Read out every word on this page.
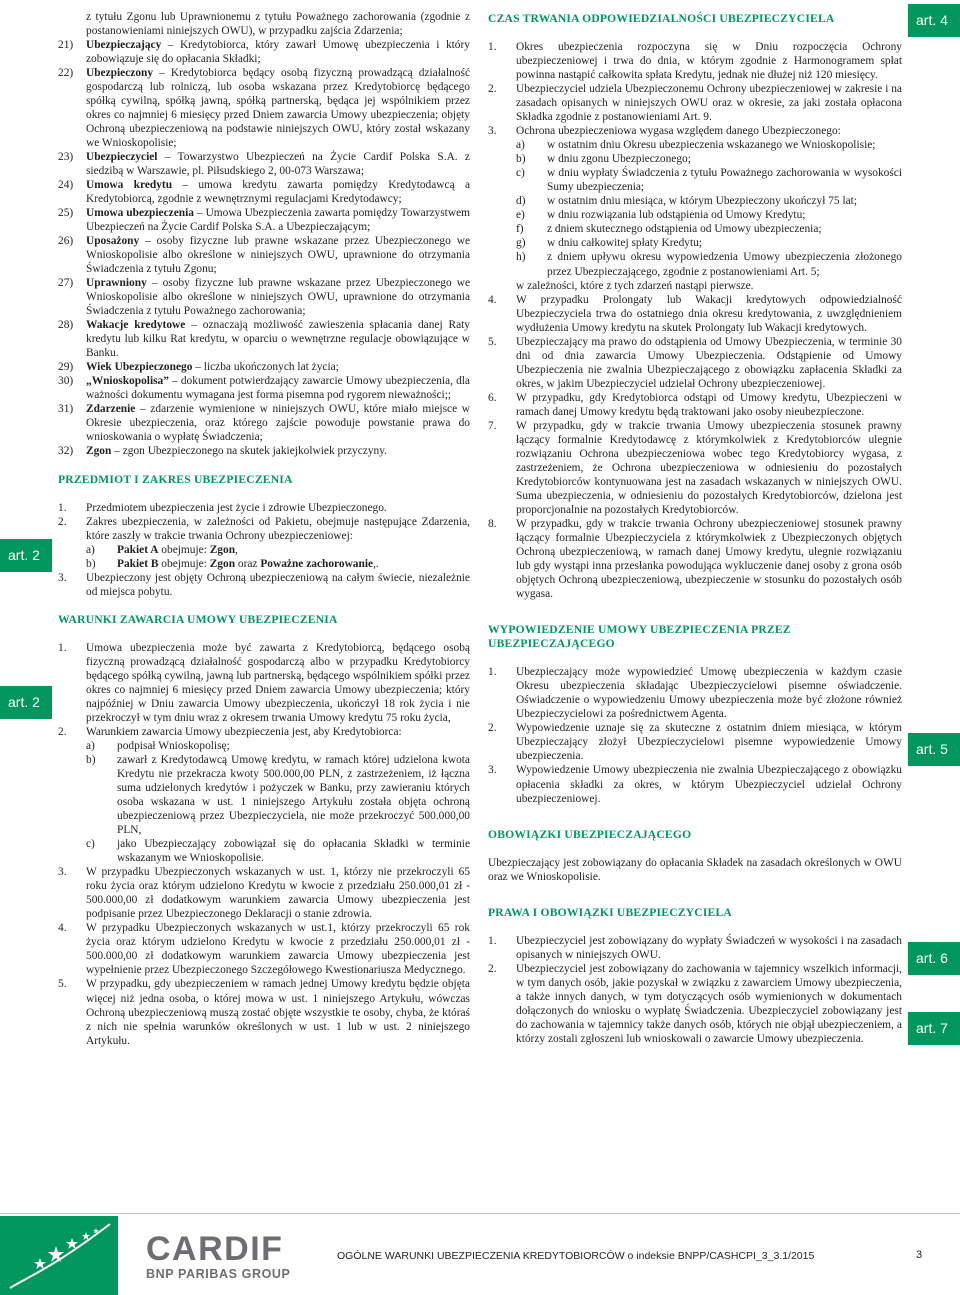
art. 2
art. 2
art. 4
art. 5
art. 6
art. 7
z tytułu Zgonu lub Uprawnionemu z tytułu Poważnego zachorowania (zgodnie z postanowieniami niniejszych OWU), w przypadku zajścia Zdarzenia;
21)	Ubezpieczający – Kredytobiorca, który zawarł Umowę ubezpieczenia i który zobowiązuje się do opłacania Składki;
22)	Ubezpieczony – Kredytobiorca będący osobą fizyczną prowadzącą działalność gospodarczą lub rolniczą, lub osoba wskazana przez Kredytobiorcę będącego spółką cywilną, spółką jawną, spółką partnerską, będąca jej wspólnikiem przez okres co najmniej 6 miesięcy przed Dniem zawarcia Umowy ubezpieczenia; objęty Ochroną ubezpieczeniową na podstawie niniejszych OWU, który został wskazany we Wnioskopolisie;
23)	Ubezpieczyciel – Towarzystwo Ubezpieczeń na Życie Cardif Polska S.A. z siedzibą w Warszawie, pl. Piłsudskiego 2, 00-073 Warszawa;
24)	Umowa kredytu – umowa kredytu zawarta pomiędzy Kredytodawcą a Kredytobiorcą, zgodnie z wewnętrznymi regulacjami Kredytodawcy;
25)	Umowa ubezpieczenia – Umowa Ubezpieczenia zawarta pomiędzy Towarzystwem Ubezpieczeń na Życie Cardif Polska S.A. a Ubezpieczającym;
26)	Uposażony – osoby fizyczne lub prawne wskazane przez Ubezpieczonego we Wnioskopolisie albo określone w niniejszych OWU, uprawnione do otrzymania Świadczenia z tytułu Zgonu;
27)	Uprawniony – osoby fizyczne lub prawne wskazane przez Ubezpieczonego we Wnioskopolisie albo określone w niniejszych OWU, uprawnione do otrzymania Świadczenia z tytułu Poważnego zachorowania;
28)	Wakacje kredytowe – oznaczają możliwość zawieszenia spłacania danej Raty kredytu lub kilku Rat kredytu, w oparciu o wewnętrzne regulacje obowiązujące w Banku.
29)	Wiek Ubezpieczonego – liczba ukończonych lat życia;
30)	„Wnioskopolisa” – dokument potwierdzający zawarcie Umowy ubezpieczenia, dla ważności dokumentu wymagana jest forma pisemna pod rygorem nieważności;;
31)	Zdarzenie – zdarzenie wymienione w niniejszych OWU, które miało miejsce w Okresie ubezpieczenia, oraz którego zajście powoduje powstanie prawa do wnioskowania o wypłatę Świadczenia;
32)	Zgon – zgon Ubezpieczonego na skutek jakiejkolwiek przyczyny.
PRZEDMIOT I ZAKRES UBEZPIECZENIA
1.	Przedmiotem ubezpieczenia jest życie i zdrowie Ubezpieczonego.
2.	Zakres ubezpieczenia, w zależności od Pakietu, obejmuje następujące Zdarzenia, które zaszły w trakcie trwania Ochrony ubezpieczeniowej:
a)	Pakiet A obejmuje: Zgon,
b)	Pakiet B obejmuje: Zgon oraz Poważne zachorowanie,.
3.	Ubezpieczony jest objęty Ochroną ubezpieczeniową na całym świecie, niezależnie od miejsca pobytu.
WARUNKI ZAWARCIA UMOWY UBEZPIECZENIA
1.	Umowa ubezpieczenia może być zawarta z Kredytobiorcą, będącego osobą fizyczną prowadzącą działalność gospodarczą albo w przypadku Kredytobiorcy będącego spółką cywilną, jawną lub partnerską, będącego wspólnikiem spółki przez okres co najmniej 6 miesięcy przed Dniem zawarcia Umowy ubezpieczenia; który najpóźniej w Dniu zawarcia Umowy ubezpieczenia, ukończył 18 rok życia i nie przekroczył w tym dniu wraz z okresem trwania Umowy kredytu 75 roku życia,
2.	Warunkiem zawarcia Umowy ubezpieczenia jest, aby Kredytobiorca:
a)	podpisał Wnioskopolisę;
b)	zawarł z Kredytodawcą Umowę kredytu, w ramach której udzielona kwota Kredytu nie przekracza kwoty 500.000,00 PLN, z zastrzeżeniem, iż łączna suma udzielonych kredytów i pożyczek w Banku, przy zawieraniu których osoba wskazana w ust. 1 niniejszego Artykułu została objęta ochroną ubezpieczeniową przez Ubezpieczyciela, nie może przekroczyć 500.000,00 PLN,
c)	jako Ubezpieczający zobowiązał się do opłacania Składki w terminie wskazanym we Wnioskopolisie.
3.	W przypadku Ubezpieczonych wskazanych w ust. 1, którzy nie przekroczyli 65 roku życia oraz którym udzielono Kredytu w kwocie z przedziału 250.000,01 zł - 500.000,00 zł dodatkowym warunkiem zawarcia Umowy ubezpieczenia jest podpisanie przez Ubezpieczonego Deklaracji o stanie zdrowia.
4.	W przypadku Ubezpieczonych wskazanych w ust.1, którzy przekroczyli 65 rok życia oraz którym udzielono Kredytu w kwocie z przedziału 250.000,01 zł - 500.000,00 zł dodatkowym warunkiem zawarcia Umowy ubezpieczenia jest wypełnienie przez Ubezpieczonego Szczegółowego Kwestionariusza Medycznego.
5.	W przypadku, gdy ubezpieczeniem w ramach jednej Umowy kredytu będzie objęta więcej niż jedna osoba, o której mowa w ust. 1 niniejszego Artykułu, wówczas Ochroną ubezpieczeniową muszą zostać objęte wszystkie te osoby, chyba, że któraś z nich nie spełnia warunków określonych w ust. 1 lub w ust. 2 niniejszego Artykułu.
CZAS TRWANIA ODPOWIEDZIALNOŚCI UBEZPIECZYCIELA
1.	Okres ubezpieczenia rozpoczyna się w Dniu rozpoczęcia Ochrony ubezpieczeniowej i trwa do dnia, w którym zgodnie z Harmonogramem spłat powinna nastąpić całkowita spłata Kredytu, jednak nie dłużej niż 120 miesięcy.
2.	Ubezpieczyciel udziela Ubezpieczonemu Ochrony ubezpieczeniowej w zakresie i na zasadach opisanych w niniejszych OWU oraz w okresie, za jaki została opłacona Składka zgodnie z postanowieniami Art. 9.
3.	Ochrona ubezpieczeniowa wygasa względem danego Ubezpieczonego:
a)	w ostatnim dniu Okresu ubezpieczenia wskazanego we Wnioskopolisie;
b)	w dniu zgonu Ubezpieczonego;
c)	w dniu wypłaty Świadczenia z tytułu Poważnego zachorowania w wysokości Sumy ubezpieczenia;
d)	w ostatnim dniu miesiąca, w którym Ubezpieczony ukończył 75 lat;
e)	w dniu rozwiązania lub odstąpienia od Umowy Kredytu;
f)	z dniem skutecznego odstąpienia od Umowy ubezpieczenia;
g)	w dniu całkowitej spłaty Kredytu;
h)	z dniem upływu okresu wypowiedzenia Umowy ubezpieczenia złożonego przez Ubezpieczającego, zgodnie z postanowieniami Art. 5;
w zależności, które z tych zdarzeń nastąpi pierwsze.
4.	W przypadku Prolongaty lub Wakacji kredytowych odpowiedzialność Ubezpieczyciela trwa do ostatniego dnia okresu kredytowania, z uwzględnieniem wydłużenia Umowy kredytu na skutek Prolongaty lub Wakacji kredytowych.
5.	Ubezpieczający ma prawo do odstąpienia od Umowy Ubezpieczenia, w terminie 30 dni od dnia zawarcia Umowy Ubezpieczenia. Odstąpienie od Umowy Ubezpieczenia nie zwalnia Ubezpieczającego z obowiązku zapłacenia Składki za okres, w jakim Ubezpieczyciel udzielał Ochrony ubezpieczeniowej.
6.	W przypadku, gdy Kredytobiorca odstąpi od Umowy kredytu, Ubezpieczeni w ramach danej Umowy kredytu będą traktowani jako osoby nieubezpieczone.
7.	W przypadku, gdy w trakcie trwania Umowy ubezpieczenia stosunek prawny łączący formalnie Kredytodawcę z którymkolwiek z Kredytobiorców ulegnie rozwiązaniu Ochrona ubezpieczeniowa wobec tego Kredytobiorcy wygasa, z zastrzeżeniem, że Ochrona ubezpieczeniowa w odniesieniu do pozostałych Kredytobiorców kontynuowana jest na zasadach wskazanych w niniejszych OWU. Suma ubezpieczenia, w odniesieniu do pozostałych Kredytobiorców, dzielona jest proporcjonalnie na pozostałych Kredytobiorców.
8.	W przypadku, gdy w trakcie trwania Ochrony ubezpieczeniowej stosunek prawny łączący formalnie Ubezpieczyciela z którymkolwiek z Ubezpieczonych objętych Ochroną ubezpieczeniową, w ramach danej Umowy kredytu, ulegnie rozwiązaniu lub gdy wystąpi inna przesłanka powodująca wykluczenie danej osoby z grona osób objętych Ochroną ubezpieczeniową, ubezpieczenie w stosunku do pozostałych osób wygasa.
WYPOWIEDZENIE UMOWY UBEZPIECZENIA PRZEZ UBEZPIECZAJĄCEGO
1.	Ubezpieczający może wypowiedzieć Umowę ubezpieczenia w każdym czasie Okresu ubezpieczenia składając Ubezpieczycielowi pisemne oświadczenie. Oświadczenie o wypowiedzeniu Umowy ubezpieczenia może być złożone również Ubezpieczycielowi za pośrednictwem Agenta.
2.	Wypowiedzenie uznaje się za skuteczne z ostatnim dniem miesiąca, w którym Ubezpieczający złożył Ubezpieczycielowi pisemne wypowiedzenie Umowy ubezpieczenia.
3.	Wypowiedzenie Umowy ubezpieczenia nie zwalnia Ubezpieczającego z obowiązku opłacenia składki za okres, w którym Ubezpieczyciel udzielał Ochrony ubezpieczeniowej.
OBOWIĄZKI UBEZPIECZAJĄCEGO
Ubezpieczający jest zobowiązany do opłacania Składek na zasadach określonych w OWU oraz we Wnioskopolisie.
PRAWA I OBOWIĄZKI UBEZPIECZYCIELA
1.	Ubezpieczyciel jest zobowiązany do wypłaty Świadczeń w wysokości i na zasadach opisanych w niniejszych OWU.
2.	Ubezpieczyciel jest zobowiązany do zachowania w tajemnicy wszelkich informacji, w tym danych osób, jakie pozyskał w związku z zawarciem Umowy ubezpieczenia, a także innych danych, w tym dotyczących osób wymienionych w dokumentach dołączonych do wniosku o wypłatę Świadczenia. Ubezpieczyciel zobowiązany jest do zachowania w tajemnicy także danych osób, których nie objął ubezpieczeniem, a którzy zostali zgłoszeni lub wnioskowali o zawarcie Umowy ubezpieczenia.
CARDIF
BNP PARIBAS GROUP
OGÓLNE WARUNKI UBEZPIECZENIA KREDYTOBIORCÓW o indeksie BNPP/CASHCPI_3_3.1/2015	3
